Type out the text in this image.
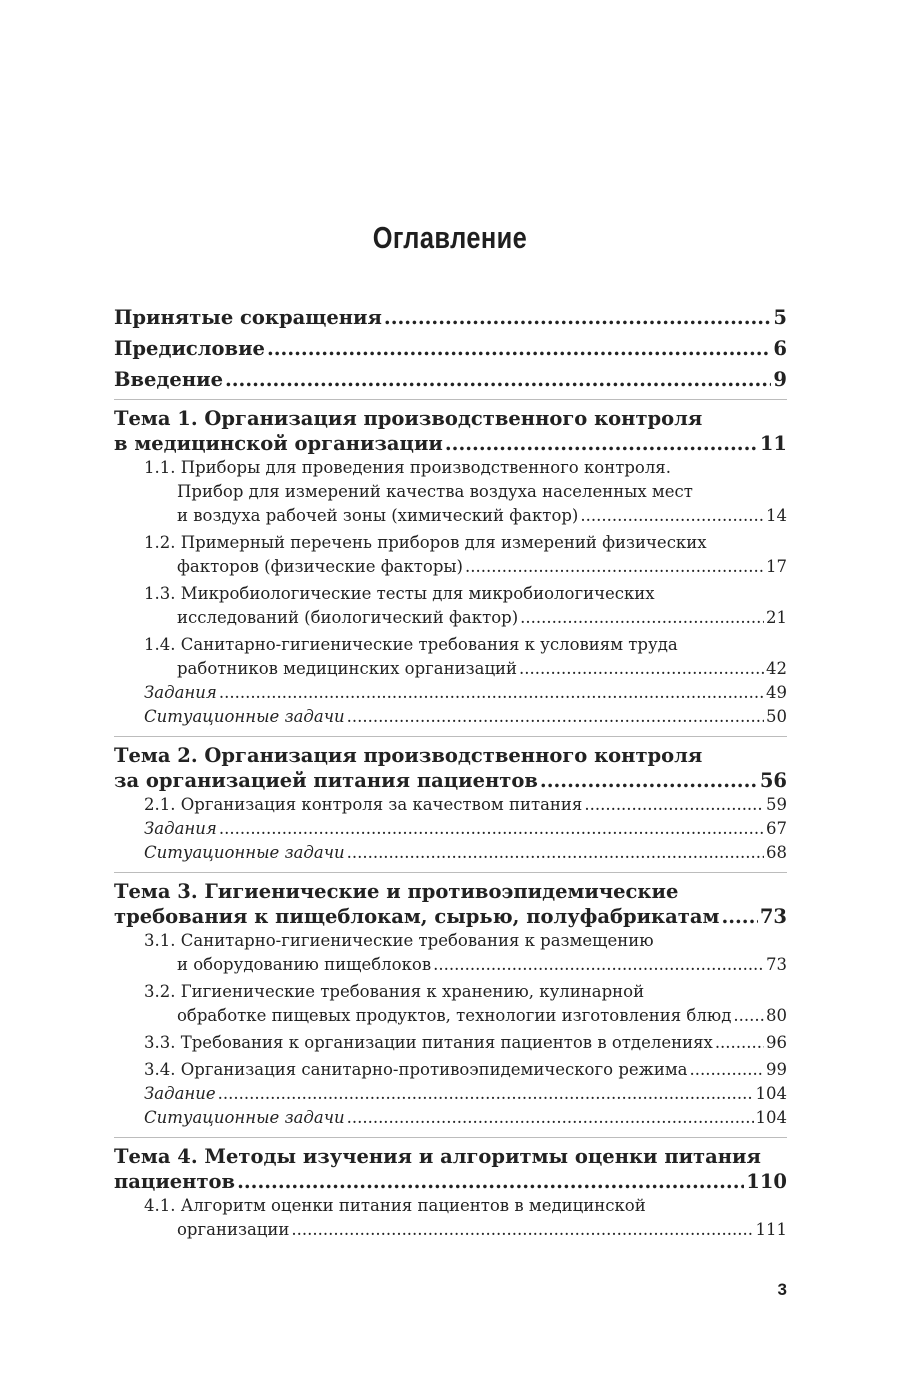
Оглавление
Принятые сокращения .....	5
Предисловие .....	6
Введение .....	9
Тема 1. Организация производственного контроля
в медицинской организации .....	11
1.1. Приборы для проведения производственного контроля.
Прибор для измерений качества воздуха населенных мест
и воздуха рабочей зоны (химический фактор) .....	14
1.2. Примерный перечень приборов для измерений физических
факторов (физические факторы) .....	17
1.3. Микробиологические тесты для микробиологических
исследований (биологический фактор) .....	21
1.4. Санитарно-гигиенические требования к условиям труда
работников медицинских организаций .....	42
Задания .....	49
Ситуационные задачи .....	50
Тема 2. Организация производственного контроля
за организацией питания пациентов .....	56
2.1. Организация контроля за качеством питания .....	59
Задания .....	67
Ситуационные задачи .....	68
Тема 3. Гигиенические и противоэпидемические
требования к пищеблокам, сырью, полуфабрикатам ..... 73
3.1. Санитарно-гигиенические требования к размещению
и оборудованию пищеблоков .....	73
3.2. Гигиенические требования к хранению, кулинарной
обработке пищевых продуктов, технологии изготовления блюд ..... 80
3.3. Требования к организации питания пациентов в отделениях .....	96
3.4. Организация санитарно-противоэпидемического режима .....	99
Задание .....	104
Ситуационные задачи .....	104
Тема 4. Методы изучения и алгоритмы оценки питания
пациентов .....	110
4.1. Алгоритм оценки питания пациентов в медицинской
организации .....	111
3
